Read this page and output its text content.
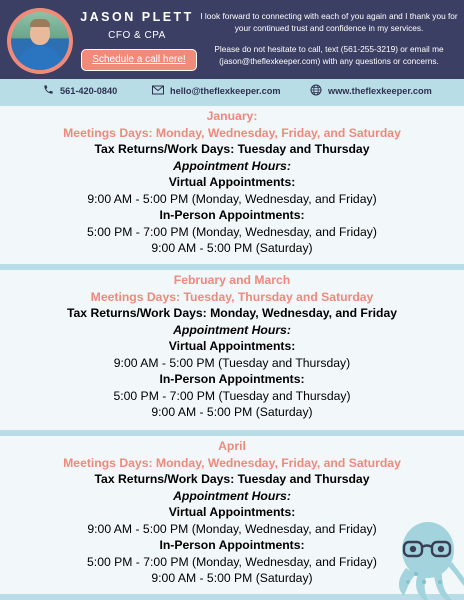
JASON PLETT
CFO & CPA
Schedule a call here!
I look forward to connecting with each of you again and I thank you for your continued trust and confidence in my services.
Please do not hesitate to call, text (561-255-3219) or email me (jason@theflexkeeper.com) with any questions or concerns.
561-420-0840	hello@theflexkeeper.com	www.theflexkeeper.com
January:
Meetings Days: Monday, Wednesday, Friday, and Saturday
Tax Returns/Work Days: Tuesday and Thursday
Appointment Hours:
Virtual Appointments:
9:00 AM - 5:00 PM (Monday, Wednesday, and Friday)
In-Person Appointments:
5:00 PM - 7:00 PM (Monday, Wednesday, and Friday)
9:00 AM - 5:00 PM (Saturday)
February and March
Meetings Days: Tuesday, Thursday and Saturday
Tax Returns/Work Days: Monday, Wednesday, and Friday
Appointment Hours:
Virtual Appointments:
9:00 AM - 5:00 PM (Tuesday and Thursday)
In-Person Appointments:
5:00 PM - 7:00 PM (Tuesday and Thursday)
9:00 AM - 5:00 PM (Saturday)
April
Meetings Days: Monday, Wednesday, Friday, and Saturday
Tax Returns/Work Days: Tuesday and Thursday
Appointment Hours:
Virtual Appointments:
9:00 AM - 5:00 PM (Monday, Wednesday, and Friday)
In-Person Appointments:
5:00 PM - 7:00 PM (Monday, Wednesday, and Friday)
9:00 AM - 5:00 PM (Saturday)
